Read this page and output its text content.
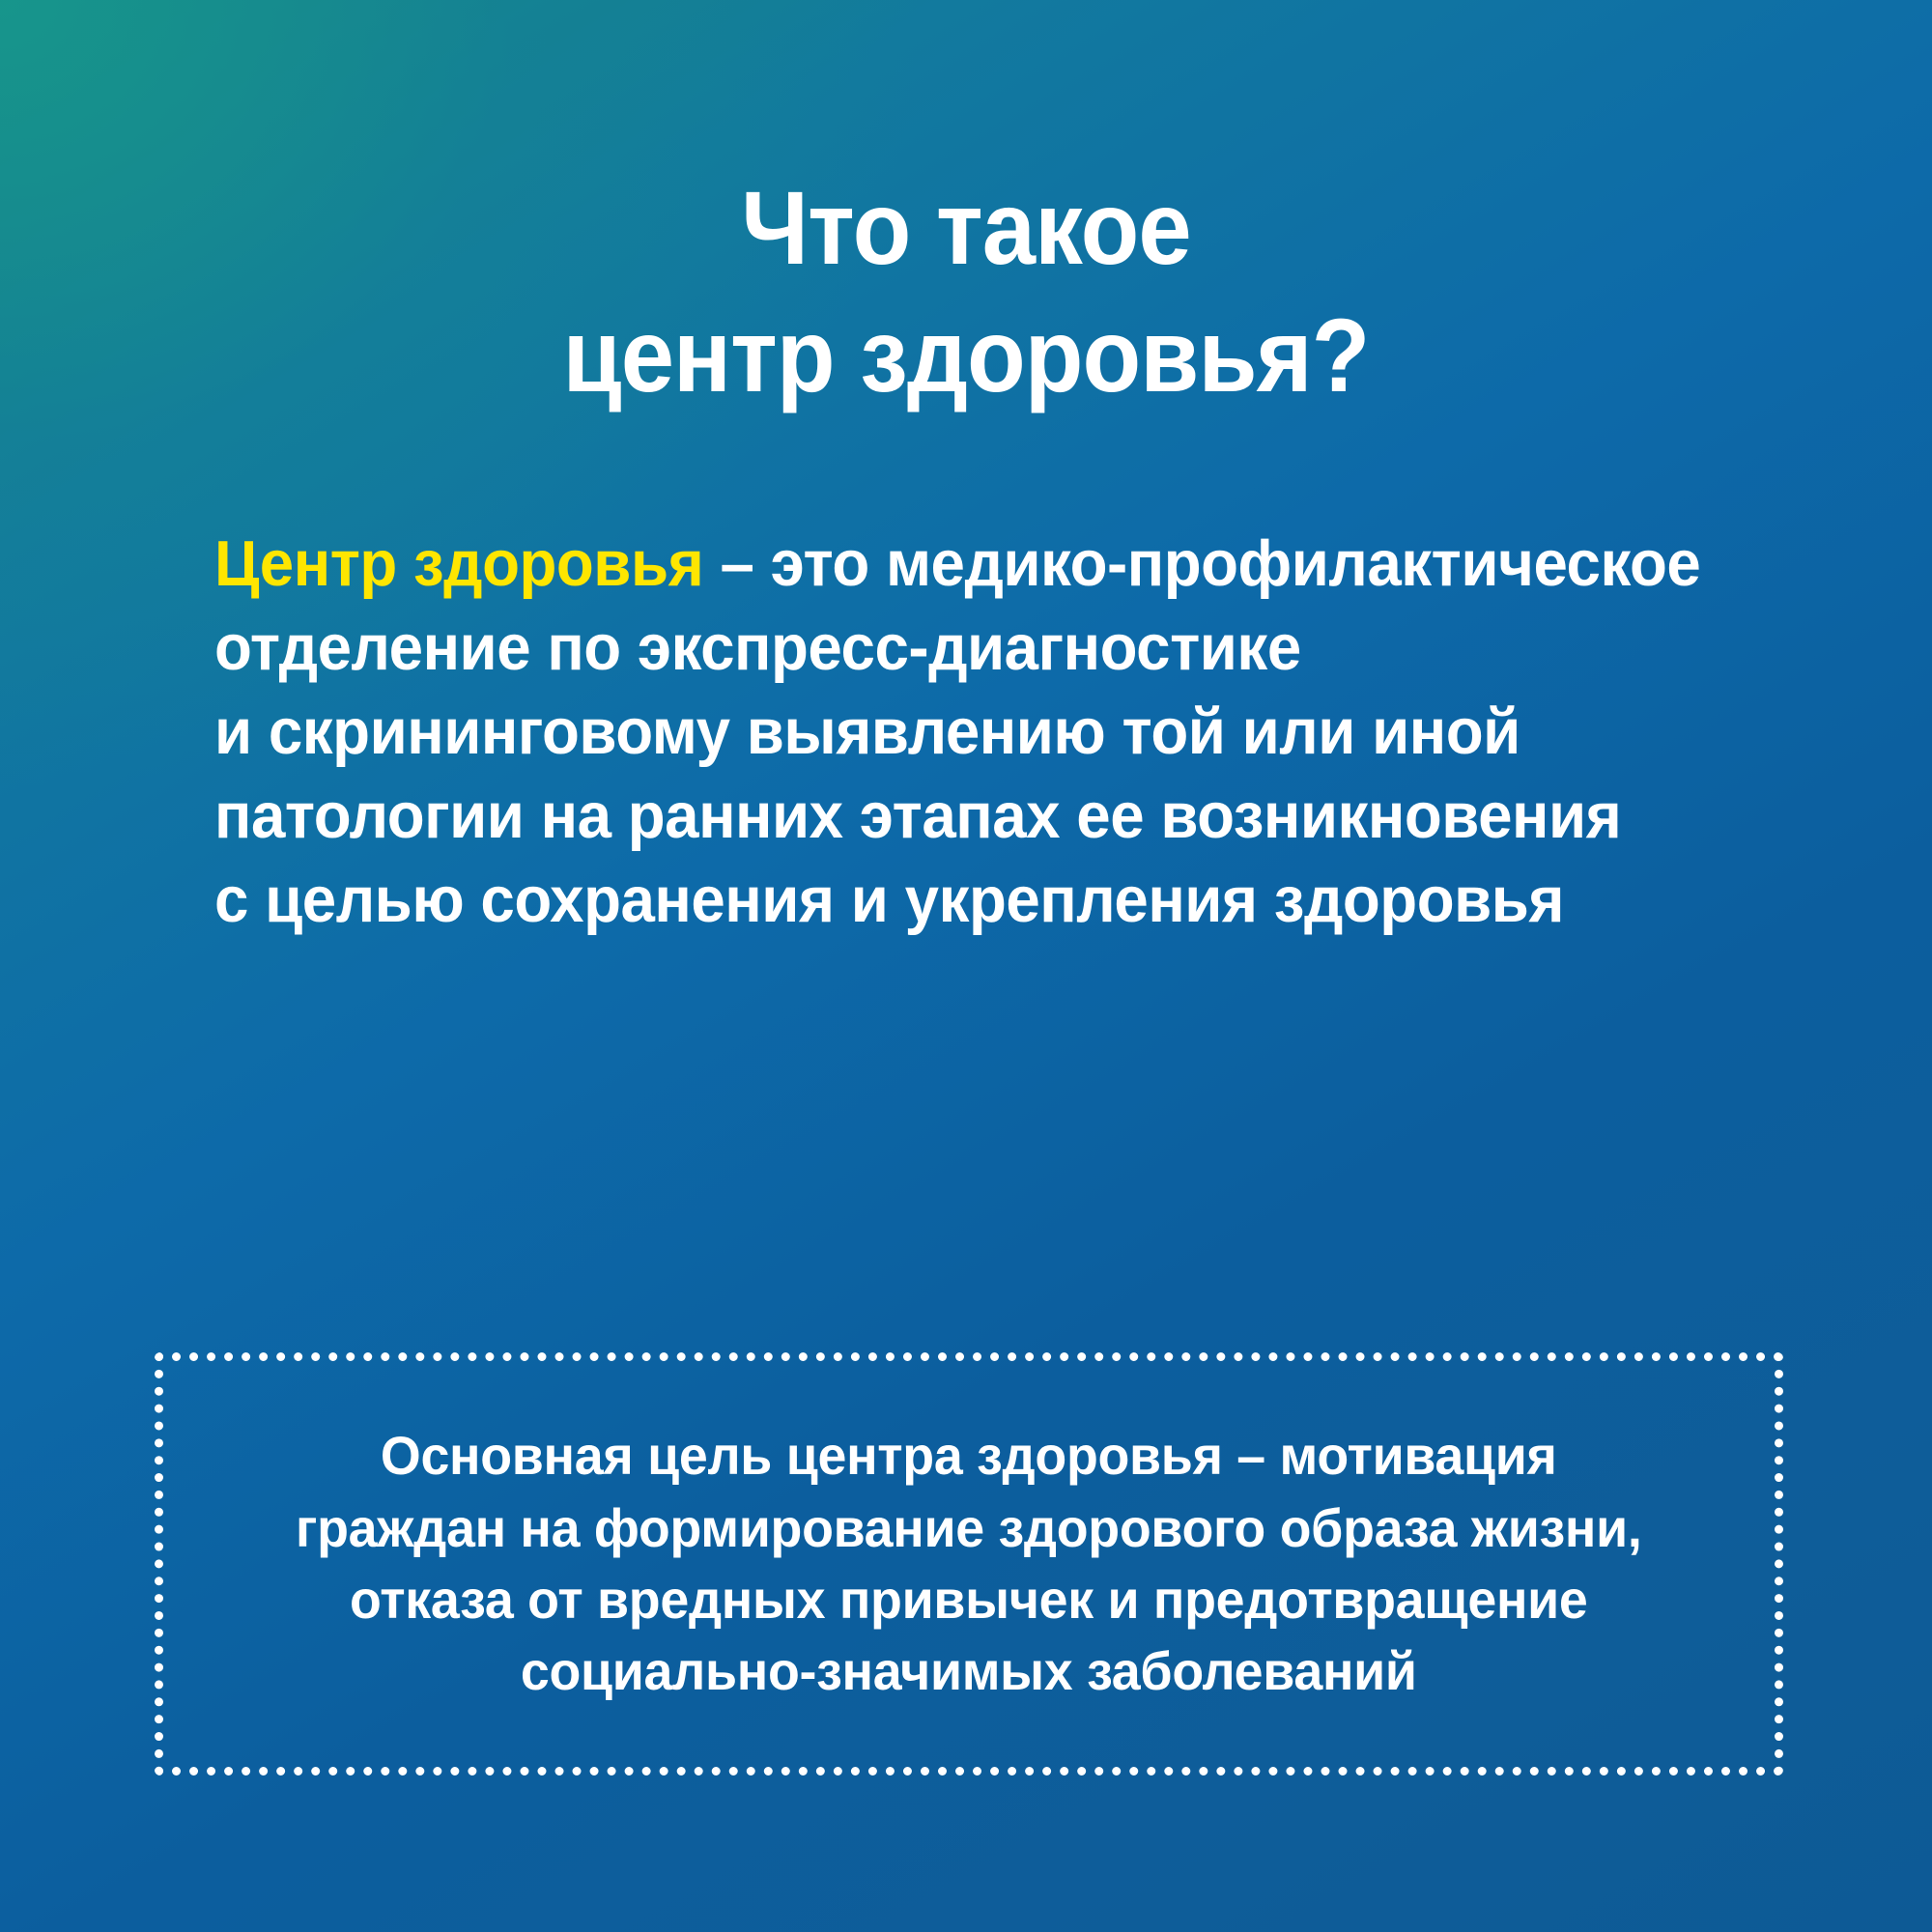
Что такое
центр здоровья?
Центр здоровья – это медико-профилактическое
отделение по экспресс-диагностике
и скрининговому выявлению той или иной
патологии на ранних этапах ее возникновения
с целью сохранения и укрепления здоровья
Основная цель центра здоровья – мотивация
граждан на формирование здорового образа жизни,
отказа от вредных привычек и предотвращение
социально-значимых заболеваний
